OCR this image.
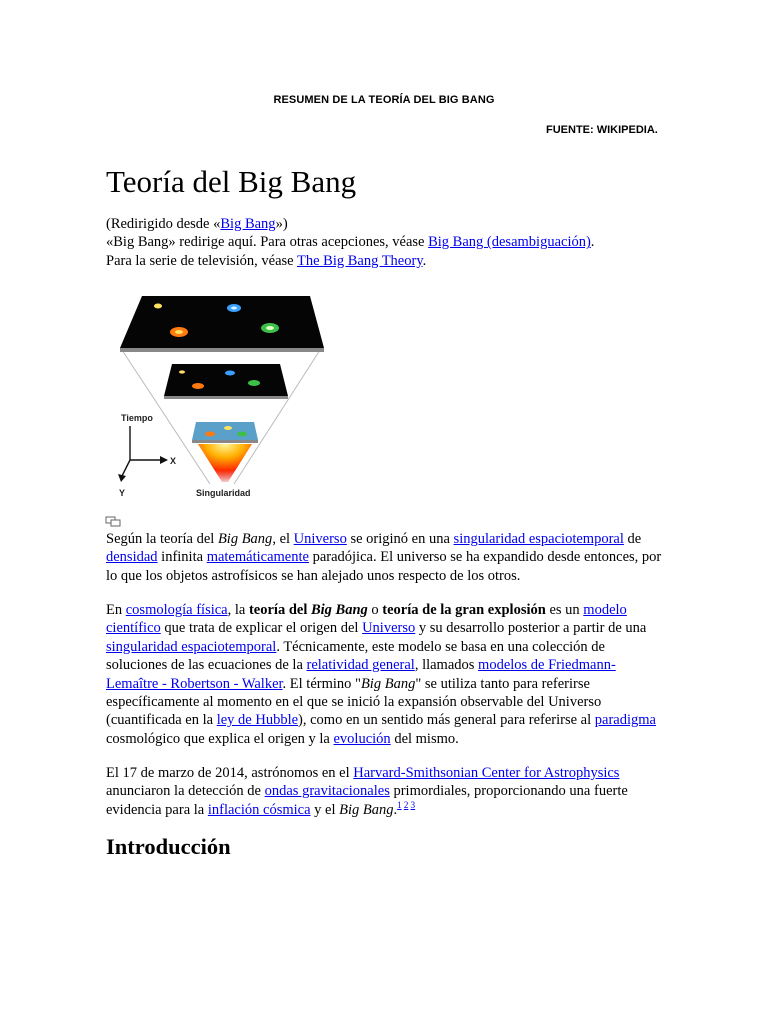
RESUMEN DE LA TEORÍA DEL BIG BANG
FUENTE: WIKIPEDIA.
Teoría del Big Bang
(Redirigido desde «Big Bang»)
«Big Bang» redirige aquí. Para otras acepciones, véase Big Bang (desambiguación).
Para la serie de televisión, véase The Big Bang Theory.
Tiempo
X
Y	Singularidad
Según la teoría del Big Bang, el Universo se originó en una singularidad espaciotemporal de densidad infinita matemáticamente paradójica. El universo se ha expandido desde entonces, por lo que los objetos astrofísicos se han alejado unos respecto de los otros.
En cosmología física, la teoría del Big Bang o teoría de la gran explosión es un modelo científico que trata de explicar el origen del Universo y su desarrollo posterior a partir de una singularidad espaciotemporal. Técnicamente, este modelo se basa en una colección de soluciones de las ecuaciones de la relatividad general, llamados modelos de Friedmann-Lemaître - Robertson - Walker. El término "Big Bang" se utiliza tanto para referirse específicamente al momento en el que se inició la expansión observable del Universo (cuantificada en la ley de Hubble), como en un sentido más general para referirse al paradigma cosmológico que explica el origen y la evolución del mismo.
El 17 de marzo de 2014, astrónomos en el Harvard-Smithsonian Center for Astrophysics anunciaron la detección de ondas gravitacionales primordiales, proporcionando una fuerte evidencia para la inflación cósmica y el Big Bang.$^{1 2 3}$
Introducción
